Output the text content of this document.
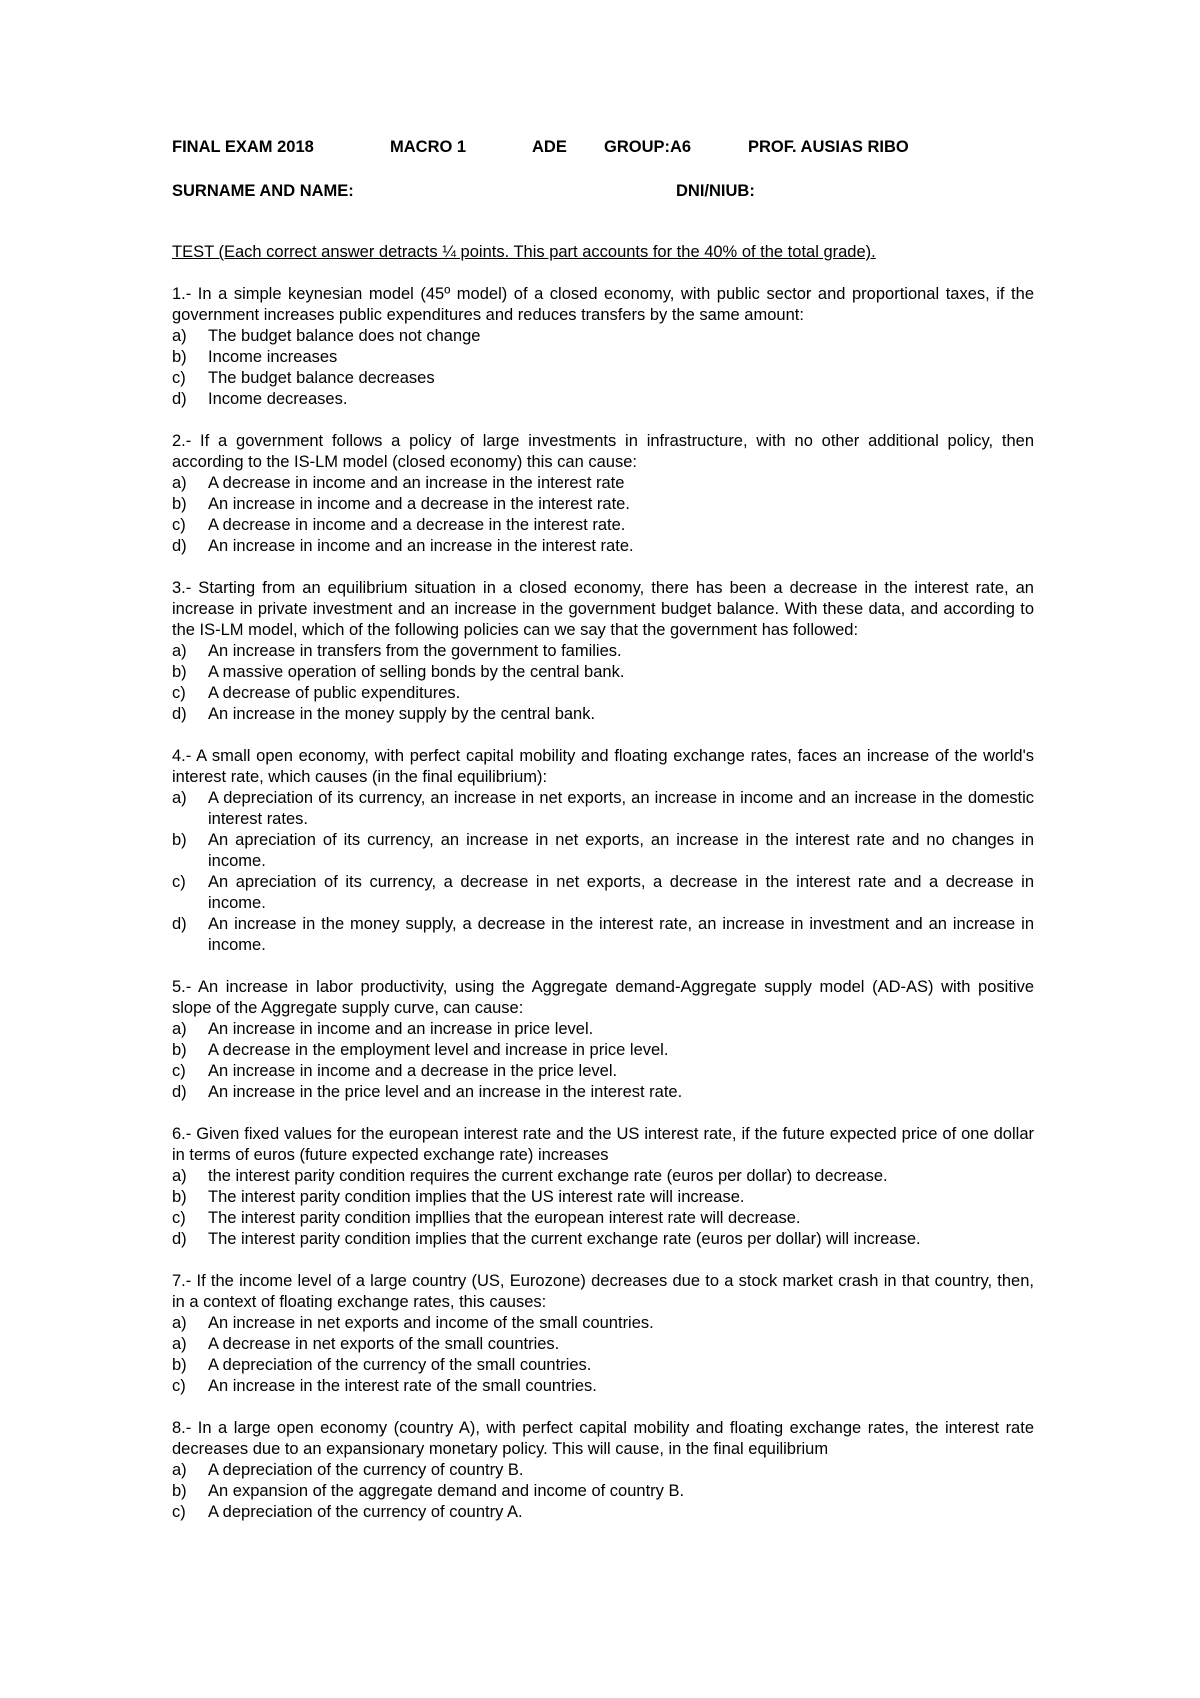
FINAL EXAM 2018	MACRO 1	ADE GROUP:A6	PROF. AUSIAS RIBO
SURNAME AND NAME:	DNI/NIUB:
TEST (Each correct answer detracts ¼ points. This part accounts for the 40% of the total grade).
1.- In a simple keynesian model (45º model) of a closed economy, with public sector and proportional taxes, if the government increases public expenditures and reduces transfers by the same amount:
a)	The budget balance does not change
b)	Income increases
c)	The budget balance decreases
d)	Income decreases.
2.- If a government follows a policy of large investments in infrastructure, with no other additional policy, then according to the IS-LM model (closed economy) this can cause:
a)	A decrease in income and an increase in the interest rate
b)	An increase in income and a decrease in the interest rate.
c)	A decrease in income and a decrease in the interest rate.
d)	An increase in income and an increase in the interest rate.
3.- Starting from an equilibrium situation in a closed economy, there has been a decrease in the interest rate, an increase in private investment and an increase in the government budget balance. With these data, and according to the IS-LM model, which of the following policies can we say that the government has followed:
a)	An increase in transfers from the government to families.
b)	A massive operation of selling bonds by the central bank.
c)	A decrease of public expenditures.
d)	An increase in the money supply by the central bank.
4.- A small open economy, with perfect capital mobility and floating exchange rates, faces an increase of the world's interest rate, which causes (in the final equilibrium):
a)	A depreciation of its currency, an increase in net exports, an increase in income and an increase in the domestic interest rates.
b)	An apreciation of its currency, an increase in net exports, an increase in the interest rate and no changes in income.
c)	An apreciation of its currency, a decrease in net exports, a decrease in the interest rate and a decrease in income.
d)	An increase in the money supply, a decrease in the interest rate, an increase in investment and an increase in income.
5.- An increase in labor productivity, using the Aggregate demand-Aggregate supply model (AD-AS) with positive slope of the Aggregate supply curve, can cause:
a)	An increase in income and an increase in price level.
b)	A decrease in the employment level and increase in price level.
c)	An increase in income and a decrease in the price level.
d)	An increase in the price level and an increase in the interest rate.
6.- Given fixed values for the european interest rate and the US interest rate, if the future expected price of one dollar in terms of euros (future expected exchange rate) increases
a)	the interest parity condition requires the current exchange rate (euros per dollar) to decrease.
b)	The interest parity condition implies that the US interest rate will increase.
c)	The interest parity condition impllies that the european interest rate will decrease.
d)	The interest parity condition implies that the current exchange rate (euros per dollar) will increase.
7.- If the income level of a large country (US, Eurozone) decreases due to a stock market crash in that country, then, in a context of floating exchange rates, this causes:
a)	An increase in net exports and income of the small countries.
a)	A decrease in net exports of the small countries.
b)	A depreciation of the currency of the small countries.
c)	An increase in the interest rate of the small countries.
8.- In a large open economy (country A), with perfect capital mobility and floating exchange rates, the interest rate decreases due to an expansionary monetary policy. This will cause, in the final equilibrium
a)	A depreciation of the currency of country B.
b)	An expansion of the aggregate demand and income of country B.
c)	A depreciation of the currency of country A.
